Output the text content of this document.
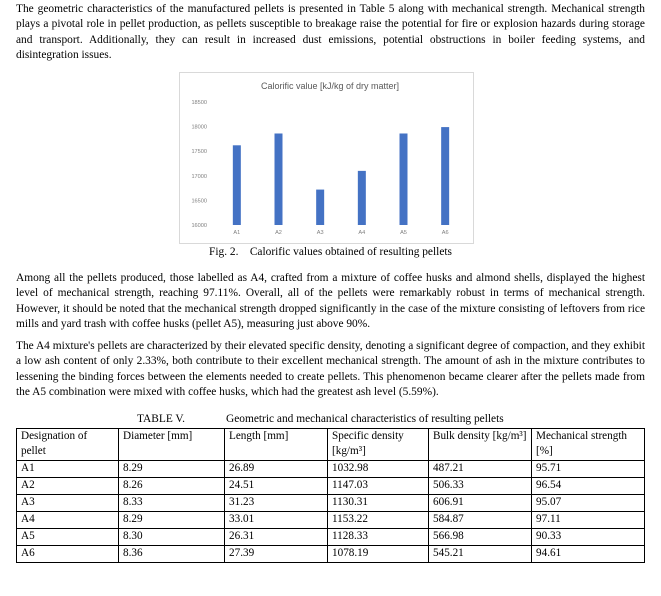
The geometric characteristics of the manufactured pellets is presented in Table 5 along with mechanical strength. Mechanical strength plays a pivotal role in pellet production, as pellets susceptible to breakage raise the potential for fire or explosion hazards during storage and transport. Additionally, they can result in increased dust emissions, potential obstructions in boiler feeding systems, and disintegration issues.

Calorific value [kJ/kg of dry matter]
16000
16500
17000
17500
18000
18500
A1	A2	A3	A4	A5	A6
Fig. 2. Calorific values obtained of resulting pellets

Among all the pellets produced, those labelled as A4, crafted from a mixture of coffee husks and almond shells, displayed the highest level of mechanical strength, reaching 97.11%. Overall, all of the pellets were remarkably robust in terms of mechanical strength. However, it should be noted that the mechanical strength dropped significantly in the case of the mixture consisting of leftovers from rice mills and yard trash with coffee husks (pellet A5), measuring just above 90%.

The A4 mixture's pellets are characterized by their elevated specific density, denoting a significant degree of compaction, and they exhibit a low ash content of only 2.33%, both contribute to their excellent mechanical strength. The amount of ash in the mixture contributes to lessening the binding forces between the elements needed to create pellets. This phenomenon became clearer after the pellets made from the A5 combination were mixed with coffee husks, which had the greatest ash level (5.59%).

TABLE V.	Geometric and mechanical characteristics of resulting pellets
Designation of pellet	Diameter [mm]	Length [mm]	Specific density [kg/m³]	Bulk density [kg/m³]	Mechanical strength [%]
A1	8.29	26.89	1032.98	487.21	95.71
A2	8.26	24.51	1147.03	506.33	96.54
A3	8.33	31.23	1130.31	606.91	95.07
A4	8.29	33.01	1153.22	584.87	97.11
A5	8.30	26.31	1128.33	566.98	90.33
A6	8.36	27.39	1078.19	545.21	94.61
